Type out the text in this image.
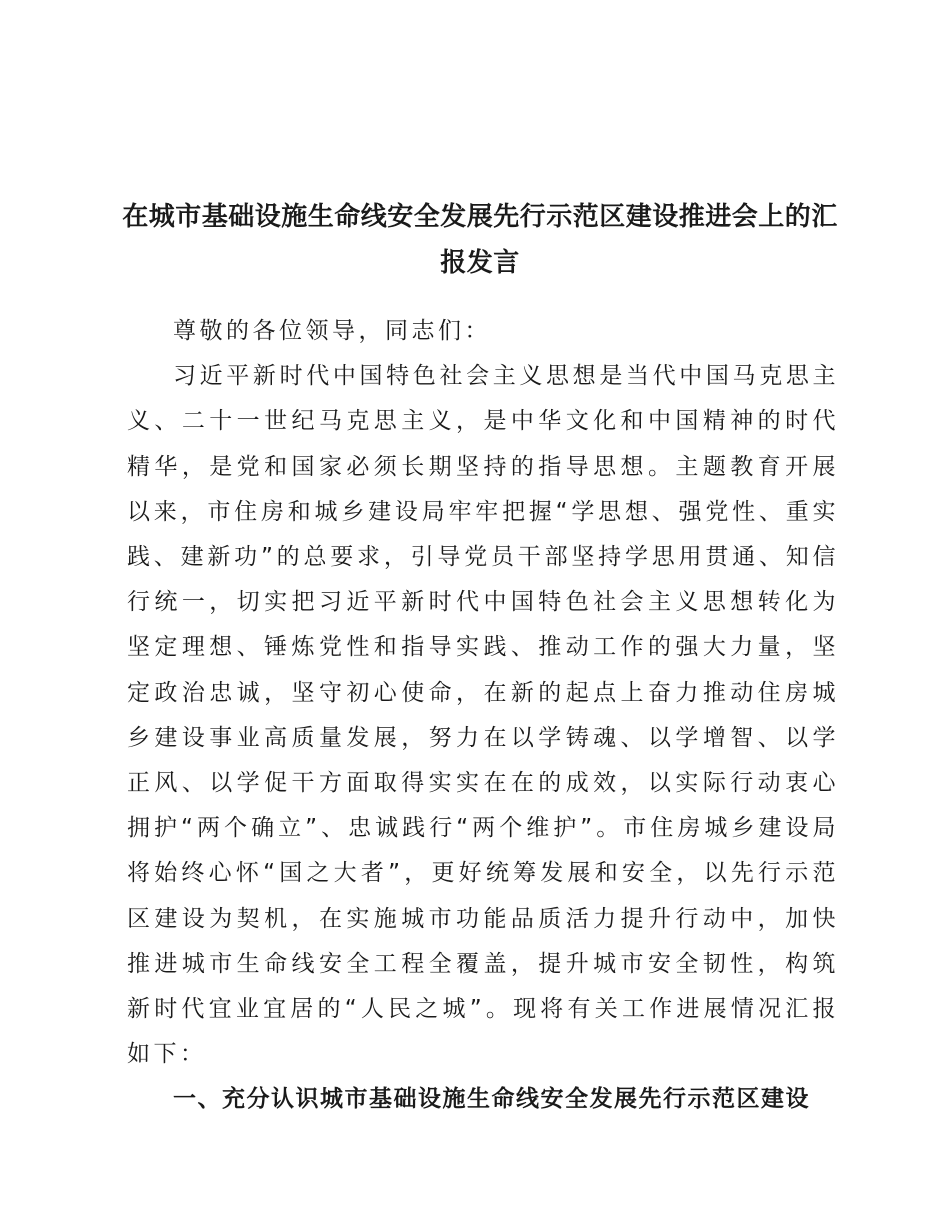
在城市基础设施生命线安全发展先行示范区建设推进会上的汇报发言

尊敬的各位领导，同志们：

习近平新时代中国特色社会主义思想是当代中国马克思主义、二十一世纪马克思主义，是中华文化和中国精神的时代精华，是党和国家必须长期坚持的指导思想。主题教育开展以来，市住房和城乡建设局牢牢把握“学思想、强党性、重实践、建新功”的总要求，引导党员干部坚持学思用贯通、知信行统一，切实把习近平新时代中国特色社会主义思想转化为坚定理想、锤炼党性和指导实践、推动工作的强大力量，坚定政治忠诚，坚守初心使命，在新的起点上奋力推动住房城乡建设事业高质量发展，努力在以学铸魂、以学增智、以学正风、以学促干方面取得实实在在的成效，以实际行动衷心拥护“两个确立”、忠诚践行“两个维护”。市住房城乡建设局将始终心怀“国之大者”，更好统筹发展和安全，以先行示范区建设为契机，在实施城市功能品质活力提升行动中，加快推进城市生命线安全工程全覆盖，提升城市安全韧性，构筑新时代宜业宜居的“人民之城”。现将有关工作进展情况汇报如下：

一、充分认识城市基础设施生命线安全发展先行示范区建设
